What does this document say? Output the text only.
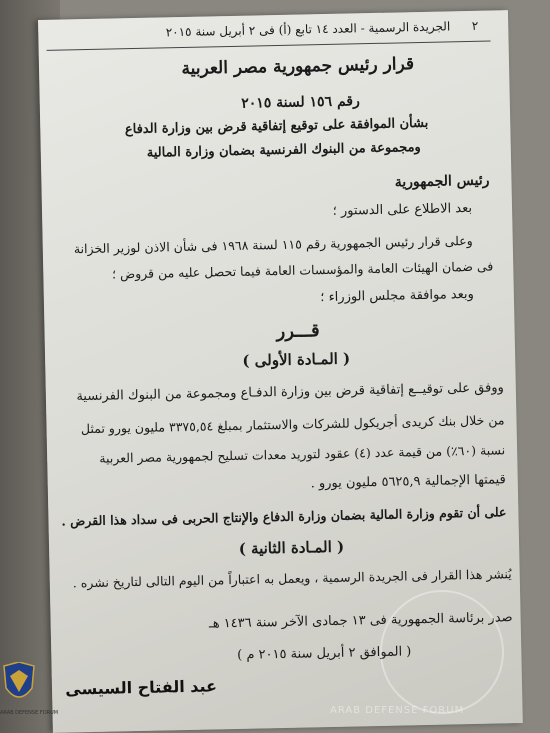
٢
الجريدة الرسمية - العدد ١٤ تابع (أ) فى ٢ أبريل سنة ٢٠١٥
قرار رئيس جمهورية مصر العربية
رقم ١٥٦ لسنة ٢٠١٥
بشأن الموافقة على توقيع إتفاقية قرض بين وزارة الدفاع
ومجموعة من البنوك الفرنسية بضمان وزارة المالية
رئيس الجمهورية
بعد الاطلاع على الدستور ؛
وعلى قرار رئيس الجمهورية رقم ١١٥ لسنة ١٩٦٨ فى شأن الاذن لوزير الخزانة
فى ضمان الهيئات العامة والمؤسسات العامة فيما تحصل عليه من قروض ؛
وبعد موافقة مجلس الوزراء ؛
قـــرر
( المـادة الأولى )
ووفق على توقيــع إتفاقية قرض بين وزارة الدفـاع ومجموعة من البنوك الفرنسية
من خلال بنك كريدى أجريكول للشركات والاستثمار بمبلغ ٣٣٧٥,٥٤ مليون يورو تمثل
نسبة (٦٠٪) من قيمة عدد (٤) عقود لتوريد معدات تسليح لجمهورية مصر العربية
قيمتها الإجمالية ٥٦٢٥,٩ مليون يورو .
على أن تقوم وزارة المالية بضمان وزارة الدفاع والإنتاج الحربى فى سداد هذا القرض .
( المـادة الثانية )
يُنشر هذا القرار فى الجريدة الرسمية ، ويعمل به اعتباراً من اليوم التالى لتاريخ نشره .
صدر برئاسة الجمهورية فى ١٣ جمادى الآخر سنة ١٤٣٦ هـ
( الموافق ٢ أبريل سنة ٢٠١٥ م )
عبد الفتاح السيسى
ARAB DEFENSE FORUM
ARAB DEFENSE FORUM
